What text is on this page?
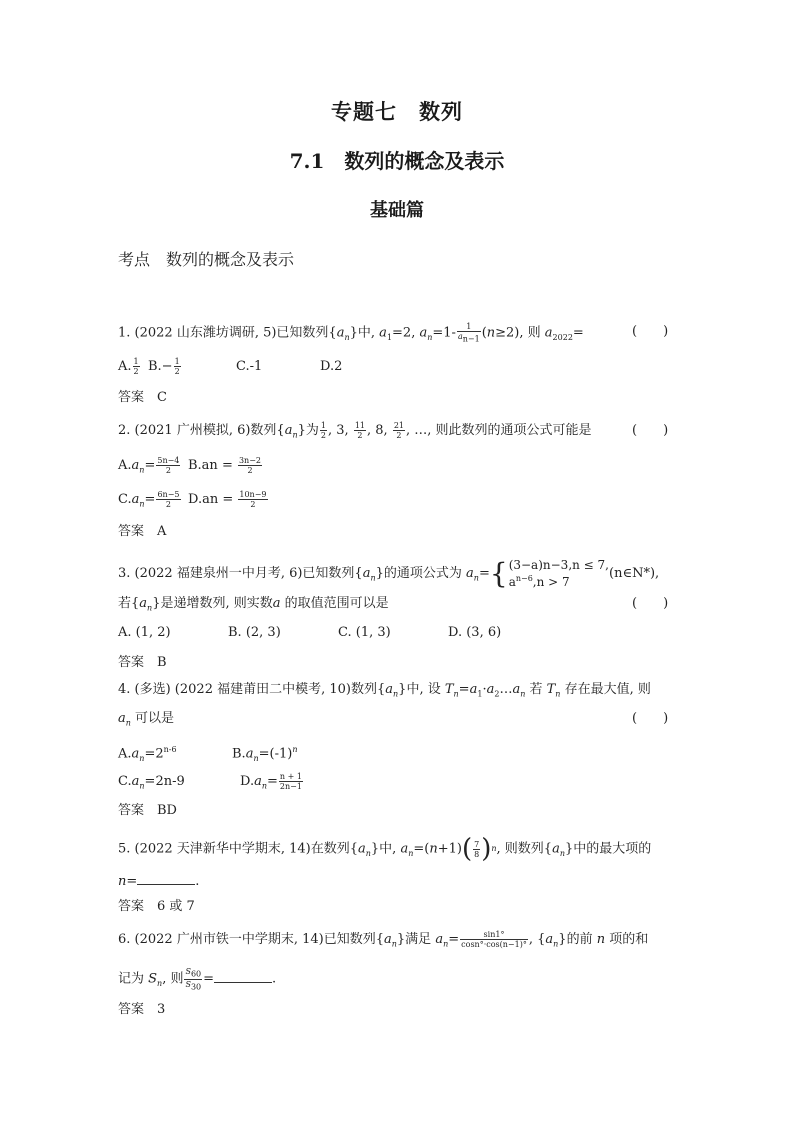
专题七　数列
7.1　数列的概念及表示
基础篇
考点　数列的概念及表示
1. (2022 山东潍坊调研, 5)已知数列$\{a_n\}$中, $a_1=2$, $a_n=1- \frac{1}{a_{n-1}} (n\ge 2)$, 则 $a_{2022}=$	(　　)
A. $\frac{1}{2} B.- \frac{1}{2}$	C.-1	D.2
答案　C
2. (2021 广州模拟, 6)数列$\{a_n\}$为 $\frac{1}{2}$ , 3, $\frac{11}{2}$ , 8, $\frac{21}{2}$ , …, 则此数列的通项公式可能是	(　　)
$A.a_n= \frac{5n-4}{2} B.an = \frac{3n-2}{2}$
$C.a_n= \frac{6n-5}{2} D.an = \frac{10n-9}{2}$
答案　A
3. (2022 福建泉州一中月考, 6)已知数列$\{a_n\}$的通项公式为 $a_n=$ { (3−a)n−3,n ≤ 7,
$a^{n-6},n > 7$
(n∈N*),
若$\{a_n\}$是递增数列, 则实数a 的取值范围可以是	(　　)
A. (1, 2)	B. (2, 3)	C. (1, 3)	D. (3, 6)
答案　B
4. (多选) (2022 福建莆田二中模考, 10)数列$\{a_n\}$中, 设 $T_n=a_1\cdot a_2\dots a_n$ 若 $T_n$ 存在最大值, 则
$a_n$ 可以是	(　　)
$A.a_n=2^{n-6}$	$B.a_n=(-1)^n$
$C.a_n=2n-9$	$D.a_n= \frac{n + 1}{2n-1}$
答案　BD
5. (2022 天津新华中学期末, 14)在数列$\{a_n\}$中, $a_n=(n+1)$ ( $\frac{7}{8}$ ) n , 则数列$\{a_n\}$中的最大项的
n=	.
答案　6 或 7
6. (2022 广州市铁一中学期末, 14)已知数列$\{a_n\}$满足 $a_n= \frac{\sin 1^\circ}{\cos n^\circ\cdot\cos(n-1)^\circ}$ , $\{a_n\}$的前 n 项的和
记为 $S_n$, 则 $\frac{S_{60}}{S_{30}}$ =	.
答案　3
